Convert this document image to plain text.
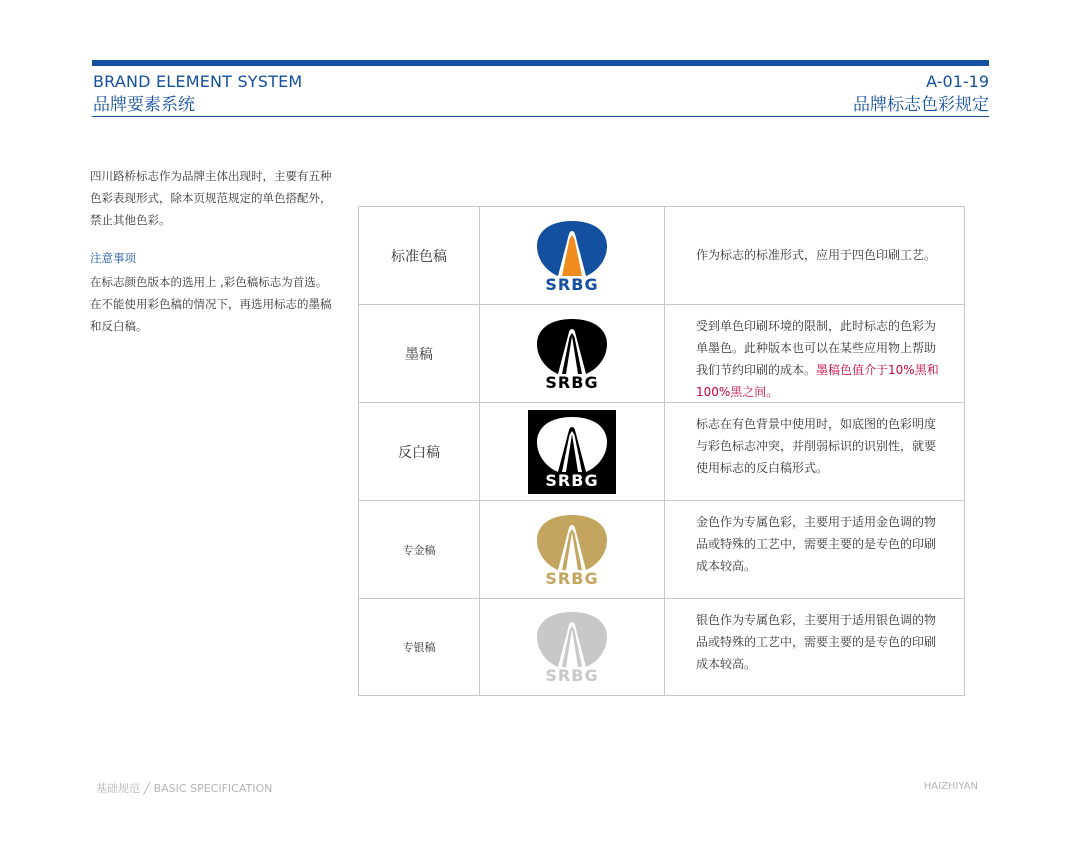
BRAND ELEMENT SYSTEM
品牌要素系统
A-01-19
品牌标志色彩规定
四川路桥标志作为品牌主体出现时，主要有五种色彩表现形式，除本页规范规定的单色搭配外，禁止其他色彩。
注意事项
在标志颜色版本的选用上 ,彩色稿标志为首选。在不能使用彩色稿的情况下，再选用标志的墨稿和反白稿。
标准色稿
SRBG
作为标志的标准形式，应用于四色印刷工艺。
墨稿
SRBG
受到单色印刷环境的限制，此时标志的色彩为单墨色。此种版本也可以在某些应用物上帮助我们节约印刷的成本。墨稿色值介于10%黑和100%黑之间。
反白稿
SRBG
标志在有色背景中使用时，如底图的色彩明度与彩色标志冲突，并削弱标识的识别性，就要使用标志的反白稿形式。
专金稿
SRBG
金色作为专属色彩，主要用于适用金色调的物品或特殊的工艺中，需要主要的是专色的印刷成本较高。
专银稿
SRBG
银色作为专属色彩，主要用于适用银色调的物品或特殊的工艺中，需要主要的是专色的印刷成本较高。
基础规范 ╱ BASIC SPECIFICATION	HAIZHIYAN
